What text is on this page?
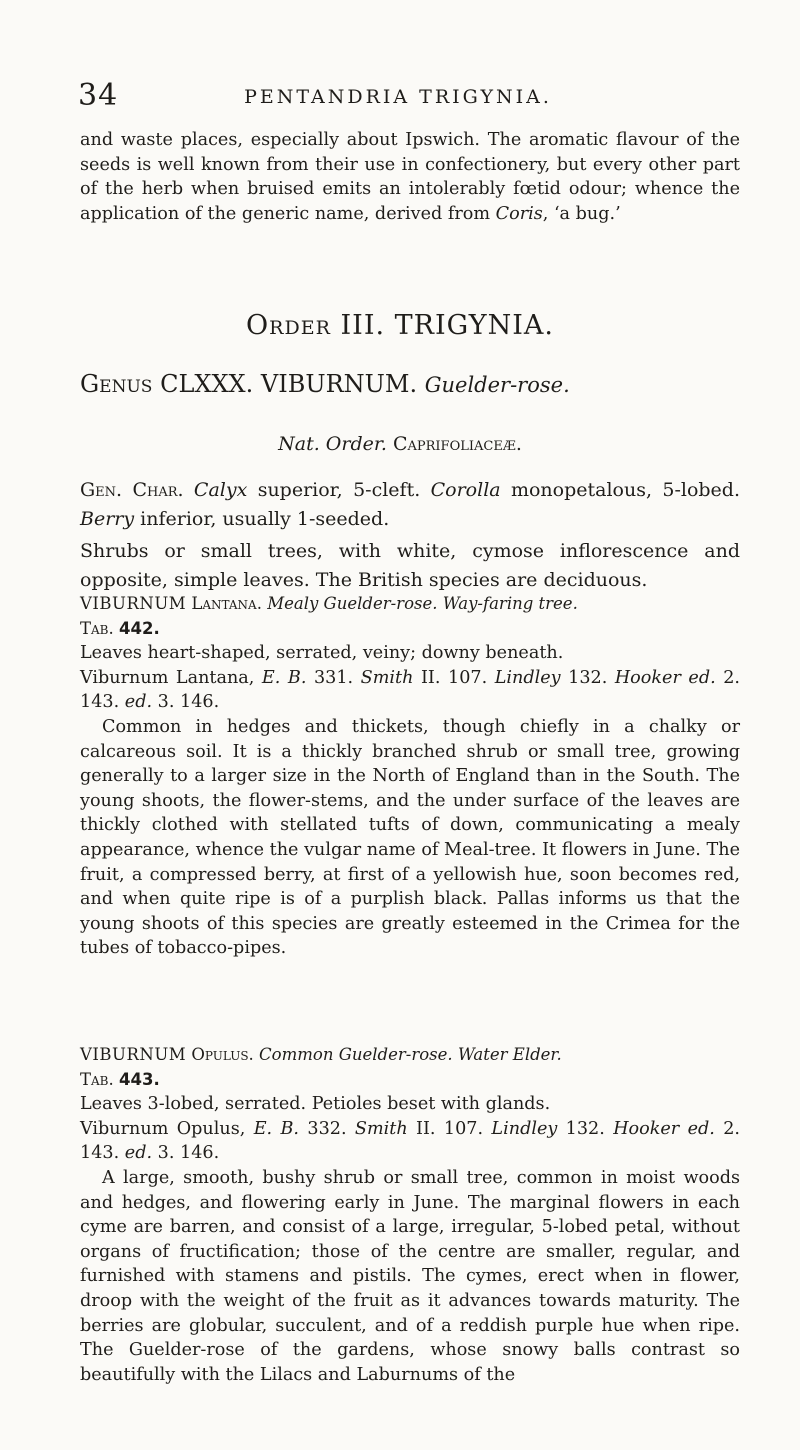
34	PENTANDRIA TRIGYNIA.

and waste places, especially about Ipswich. The aromatic flavour of the seeds is well known from their use in confectionery, but every other part of the herb when bruised emits an intolerably fœtid odour; whence the application of the generic name, derived from Coris, ‘a bug.’

Order III. TRIGYNIA.
Genus CLXXX. VIBURNUM. Guelder-rose.
Nat. Order. Caprifoliaceæ.

Gen. Char. Calyx superior, 5-cleft. Corolla monopetalous, 5-lobed. Berry inferior, usually 1-seeded.

Shrubs or small trees, with white, cymose inflorescence and opposite, simple leaves. The British species are deciduous.

VIBURNUM Lantana. Mealy Guelder-rose. Way-faring tree.

Tab. 442.

Leaves heart-shaped, serrated, veiny; downy beneath.

Viburnum Lantana, E. B. 331. Smith II. 107. Lindley 132. Hooker ed. 2. 143. ed. 3. 146.

Common in hedges and thickets, though chiefly in a chalky or calcareous soil. It is a thickly branched shrub or small tree, growing generally to a larger size in the North of England than in the South. The young shoots, the flower-stems, and the under surface of the leaves are thickly clothed with stellated tufts of down, communicating a mealy appearance, whence the vulgar name of Meal-tree. It flowers in June. The fruit, a compressed berry, at first of a yellowish hue, soon becomes red, and when quite ripe is of a purplish black. Pallas informs us that the young shoots of this species are greatly esteemed in the Crimea for the tubes of tobacco-pipes.

VIBURNUM Opulus. Common Guelder-rose. Water Elder.

Tab. 443.

Leaves 3-lobed, serrated. Petioles beset with glands.

Viburnum Opulus, E. B. 332. Smith II. 107. Lindley 132. Hooker ed. 2. 143. ed. 3. 146.

A large, smooth, bushy shrub or small tree, common in moist woods and hedges, and flowering early in June. The marginal flowers in each cyme are barren, and consist of a large, irregular, 5-lobed petal, without organs of fructification; those of the centre are smaller, regular, and furnished with stamens and pistils. The cymes, erect when in flower, droop with the weight of the fruit as it advances towards maturity. The berries are globular, succulent, and of a reddish purple hue when ripe. The Guelder-rose of the gardens, whose snowy balls contrast so beautifully with the Lilacs and Laburnums of the
